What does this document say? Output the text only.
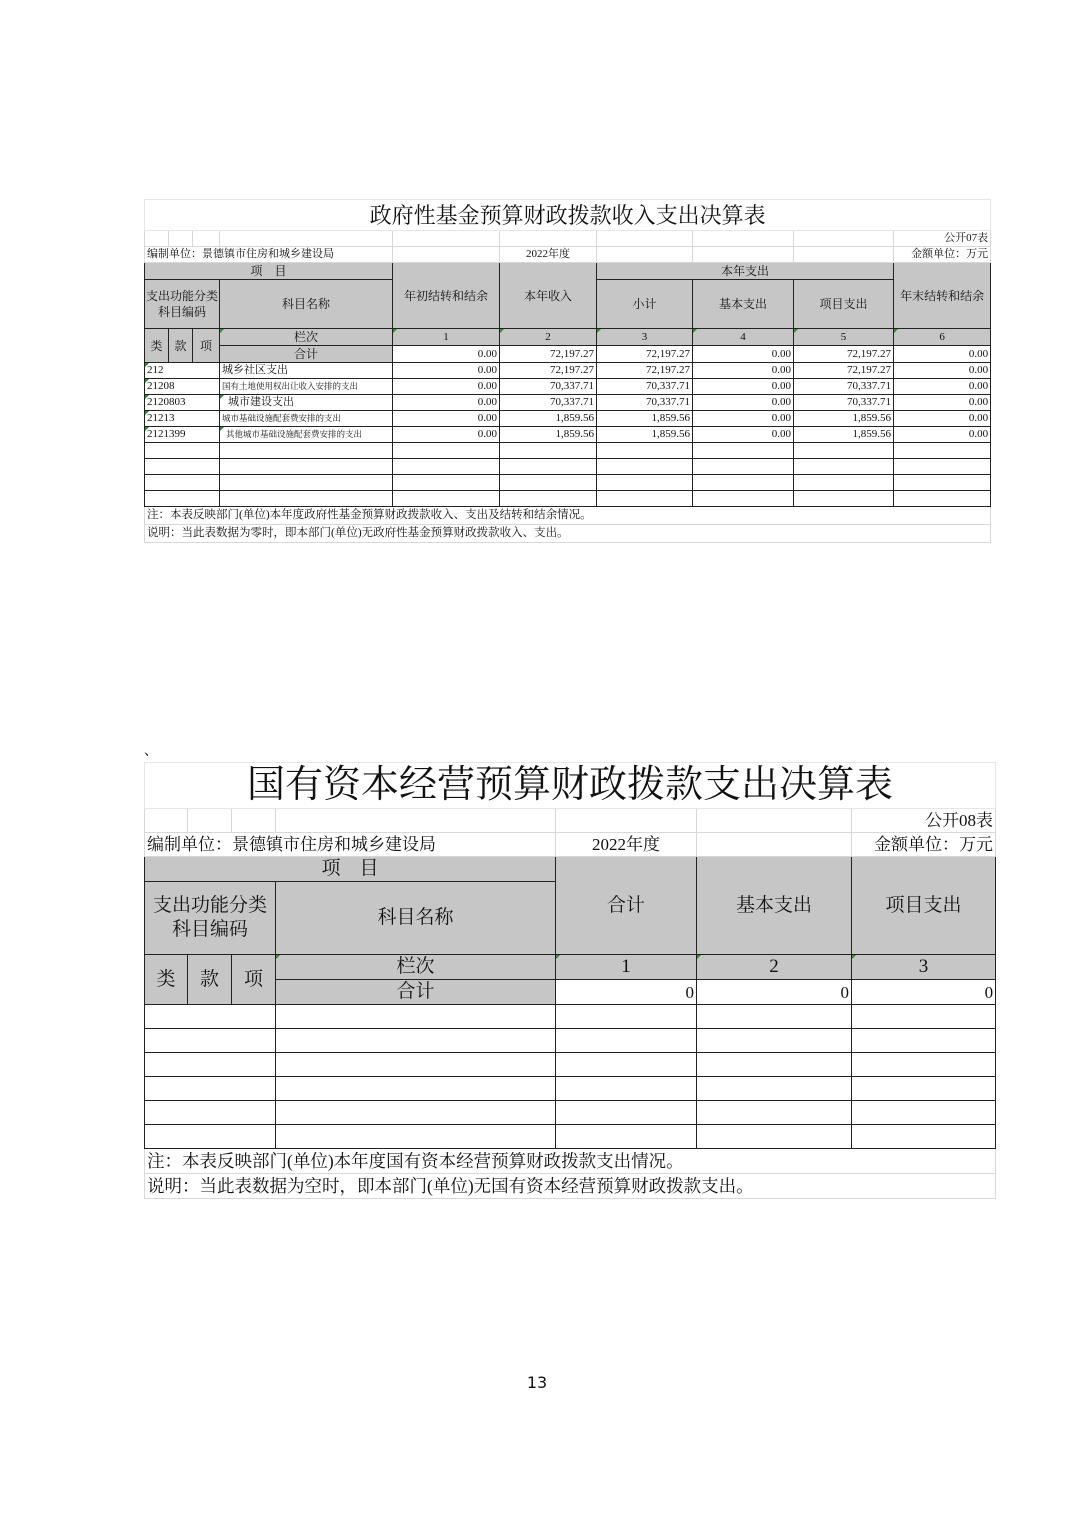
政府性基金预算财政拨款收入支出决算表									
									公开07表
编制单位：景德镇市住房和城乡建设局					2022年度				金额单位：万元
项　目				年初结转和结余	本年收入	本年支出			年末结转和结余
支出功能分类科目编码			科目名称			小计	基本支出	项目支出	
类	款	项	栏次	1	2	3	4	5	6
			合计	0.00	72,197.27	72,197.27	0.00	72,197.27	0.00
212			城乡社区支出	0.00	72,197.27	72,197.27	0.00	72,197.27	0.00
21208			国有土地使用权出让收入安排的支出	0.00	70,337.71	70,337.71	0.00	70,337.71	0.00
2120803			城市建设支出	0.00	70,337.71	70,337.71	0.00	70,337.71	0.00
21213			城市基础设施配套费安排的支出	0.00	1,859.56	1,859.56	0.00	1,859.56	0.00
2121399			其他城市基础设施配套费安排的支出	0.00	1,859.56	1,859.56	0.00	1,859.56	0.00

注：本表反映部门(单位)本年度政府性基金预算财政拨款收入、支出及结转和结余情况。									
说明：当此表数据为零时，即本部门(单位)无政府性基金预算财政拨款收入、支出。									
、
国有资本经营预算财政拨款支出决算表						
						公开08表
编制单位：景德镇市住房和城乡建设局				2022年度		金额单位：万元
项　目				合计	基本支出	项目支出
支出功能分类科目编码			科目名称			
类	款	项	栏次	1	2	3
			合计	0	0	0

注：本表反映部门(单位)本年度国有资本经营预算财政拨款支出情况。						
说明：当此表数据为空时，即本部门(单位)无国有资本经营预算财政拨款支出。						
13
